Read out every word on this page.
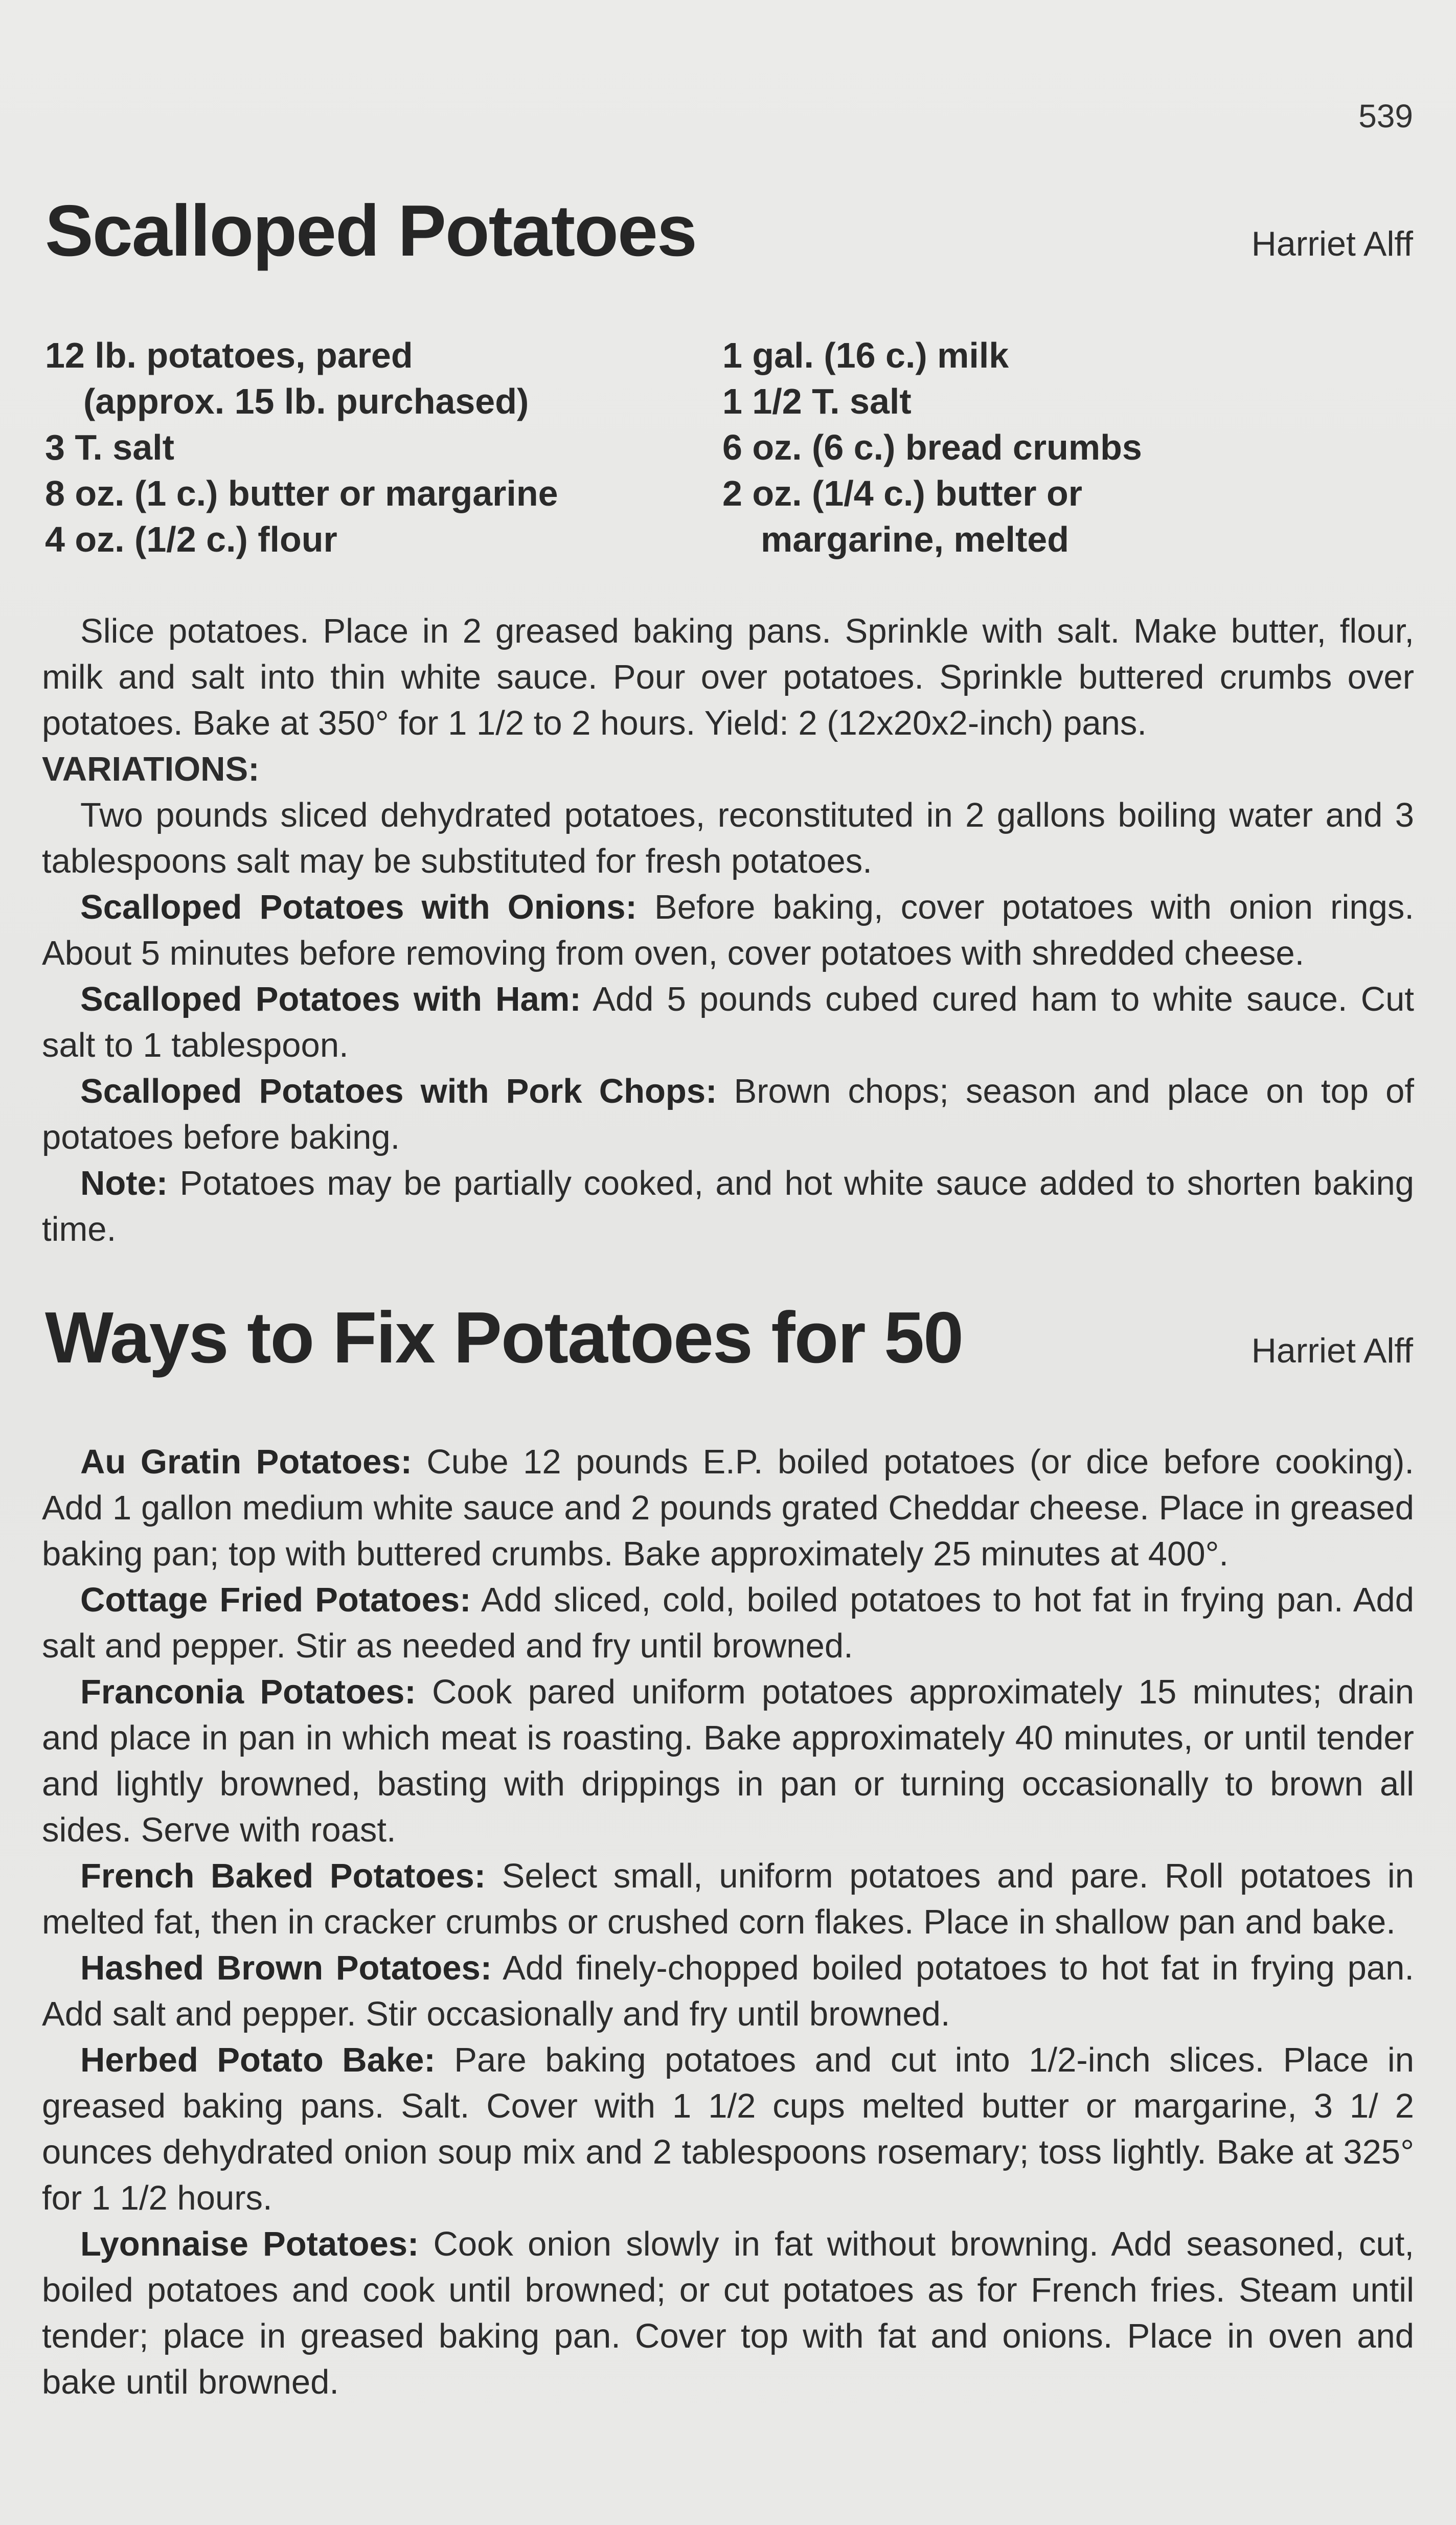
539
Scalloped Potatoes	Harriet Alff
12 lb. potatoes, pared
(approx. 15 lb. purchased)
3 T. salt
8 oz. (1 c.) butter or margarine
4 oz. (1/2 c.) flour
1 gal. (16 c.) milk
1 1/2 T. salt
6 oz. (6 c.) bread crumbs
2 oz. (1/4 c.) butter or
margarine, melted

Slice potatoes. Place in 2 greased baking pans. Sprinkle with salt. Make butter, flour, milk and salt into thin white sauce. Pour over potatoes. Sprinkle buttered crumbs over potatoes. Bake at 350° for 1 1/2 to 2 hours. Yield: 2 (12x20x2-inch) pans.

VARIATIONS:

Two pounds sliced dehydrated potatoes, reconstituted in 2 gallons boiling water and 3 tablespoons salt may be substituted for fresh potatoes.

Scalloped Potatoes with Onions: Before baking, cover potatoes with onion rings. About 5 minutes before removing from oven, cover potatoes with shredded cheese.

Scalloped Potatoes with Ham: Add 5 pounds cubed cured ham to white sauce. Cut salt to 1 tablespoon.

Scalloped Potatoes with Pork Chops: Brown chops; season and place on top of potatoes before baking.

Note: Potatoes may be partially cooked, and hot white sauce added to shorten baking time.

Ways to Fix Potatoes for 50	Harriet Alff

Au Gratin Potatoes: Cube 12 pounds E.P. boiled potatoes (or dice before cooking). Add 1 gallon medium white sauce and 2 pounds grated Cheddar cheese. Place in greased baking pan; top with buttered crumbs. Bake approximately 25 minutes at 400°.

Cottage Fried Potatoes: Add sliced, cold, boiled potatoes to hot fat in frying pan. Add salt and pepper. Stir as needed and fry until browned.

Franconia Potatoes: Cook pared uniform potatoes approximately 15 minutes; drain and place in pan in which meat is roasting. Bake approximately 40 minutes, or until tender and lightly browned, basting with drippings in pan or turning occasionally to brown all sides. Serve with roast.

French Baked Potatoes: Select small, uniform potatoes and pare. Roll potatoes in melted fat, then in cracker crumbs or crushed corn flakes. Place in shallow pan and bake.

Hashed Brown Potatoes: Add finely-chopped boiled potatoes to hot fat in frying pan. Add salt and pepper. Stir occasionally and fry until browned.

Herbed Potato Bake: Pare baking potatoes and cut into 1/2-inch slices. Place in greased baking pans. Salt. Cover with 1 1/2 cups melted butter or margarine, 3 1/ 2 ounces dehydrated onion soup mix and 2 tablespoons rosemary; toss lightly. Bake at 325° for 1 1/2 hours.

Lyonnaise Potatoes: Cook onion slowly in fat without browning. Add seasoned, cut, boiled potatoes and cook until browned; or cut potatoes as for French fries. Steam until tender; place in greased baking pan. Cover top with fat and onions. Place in oven and bake until browned.
